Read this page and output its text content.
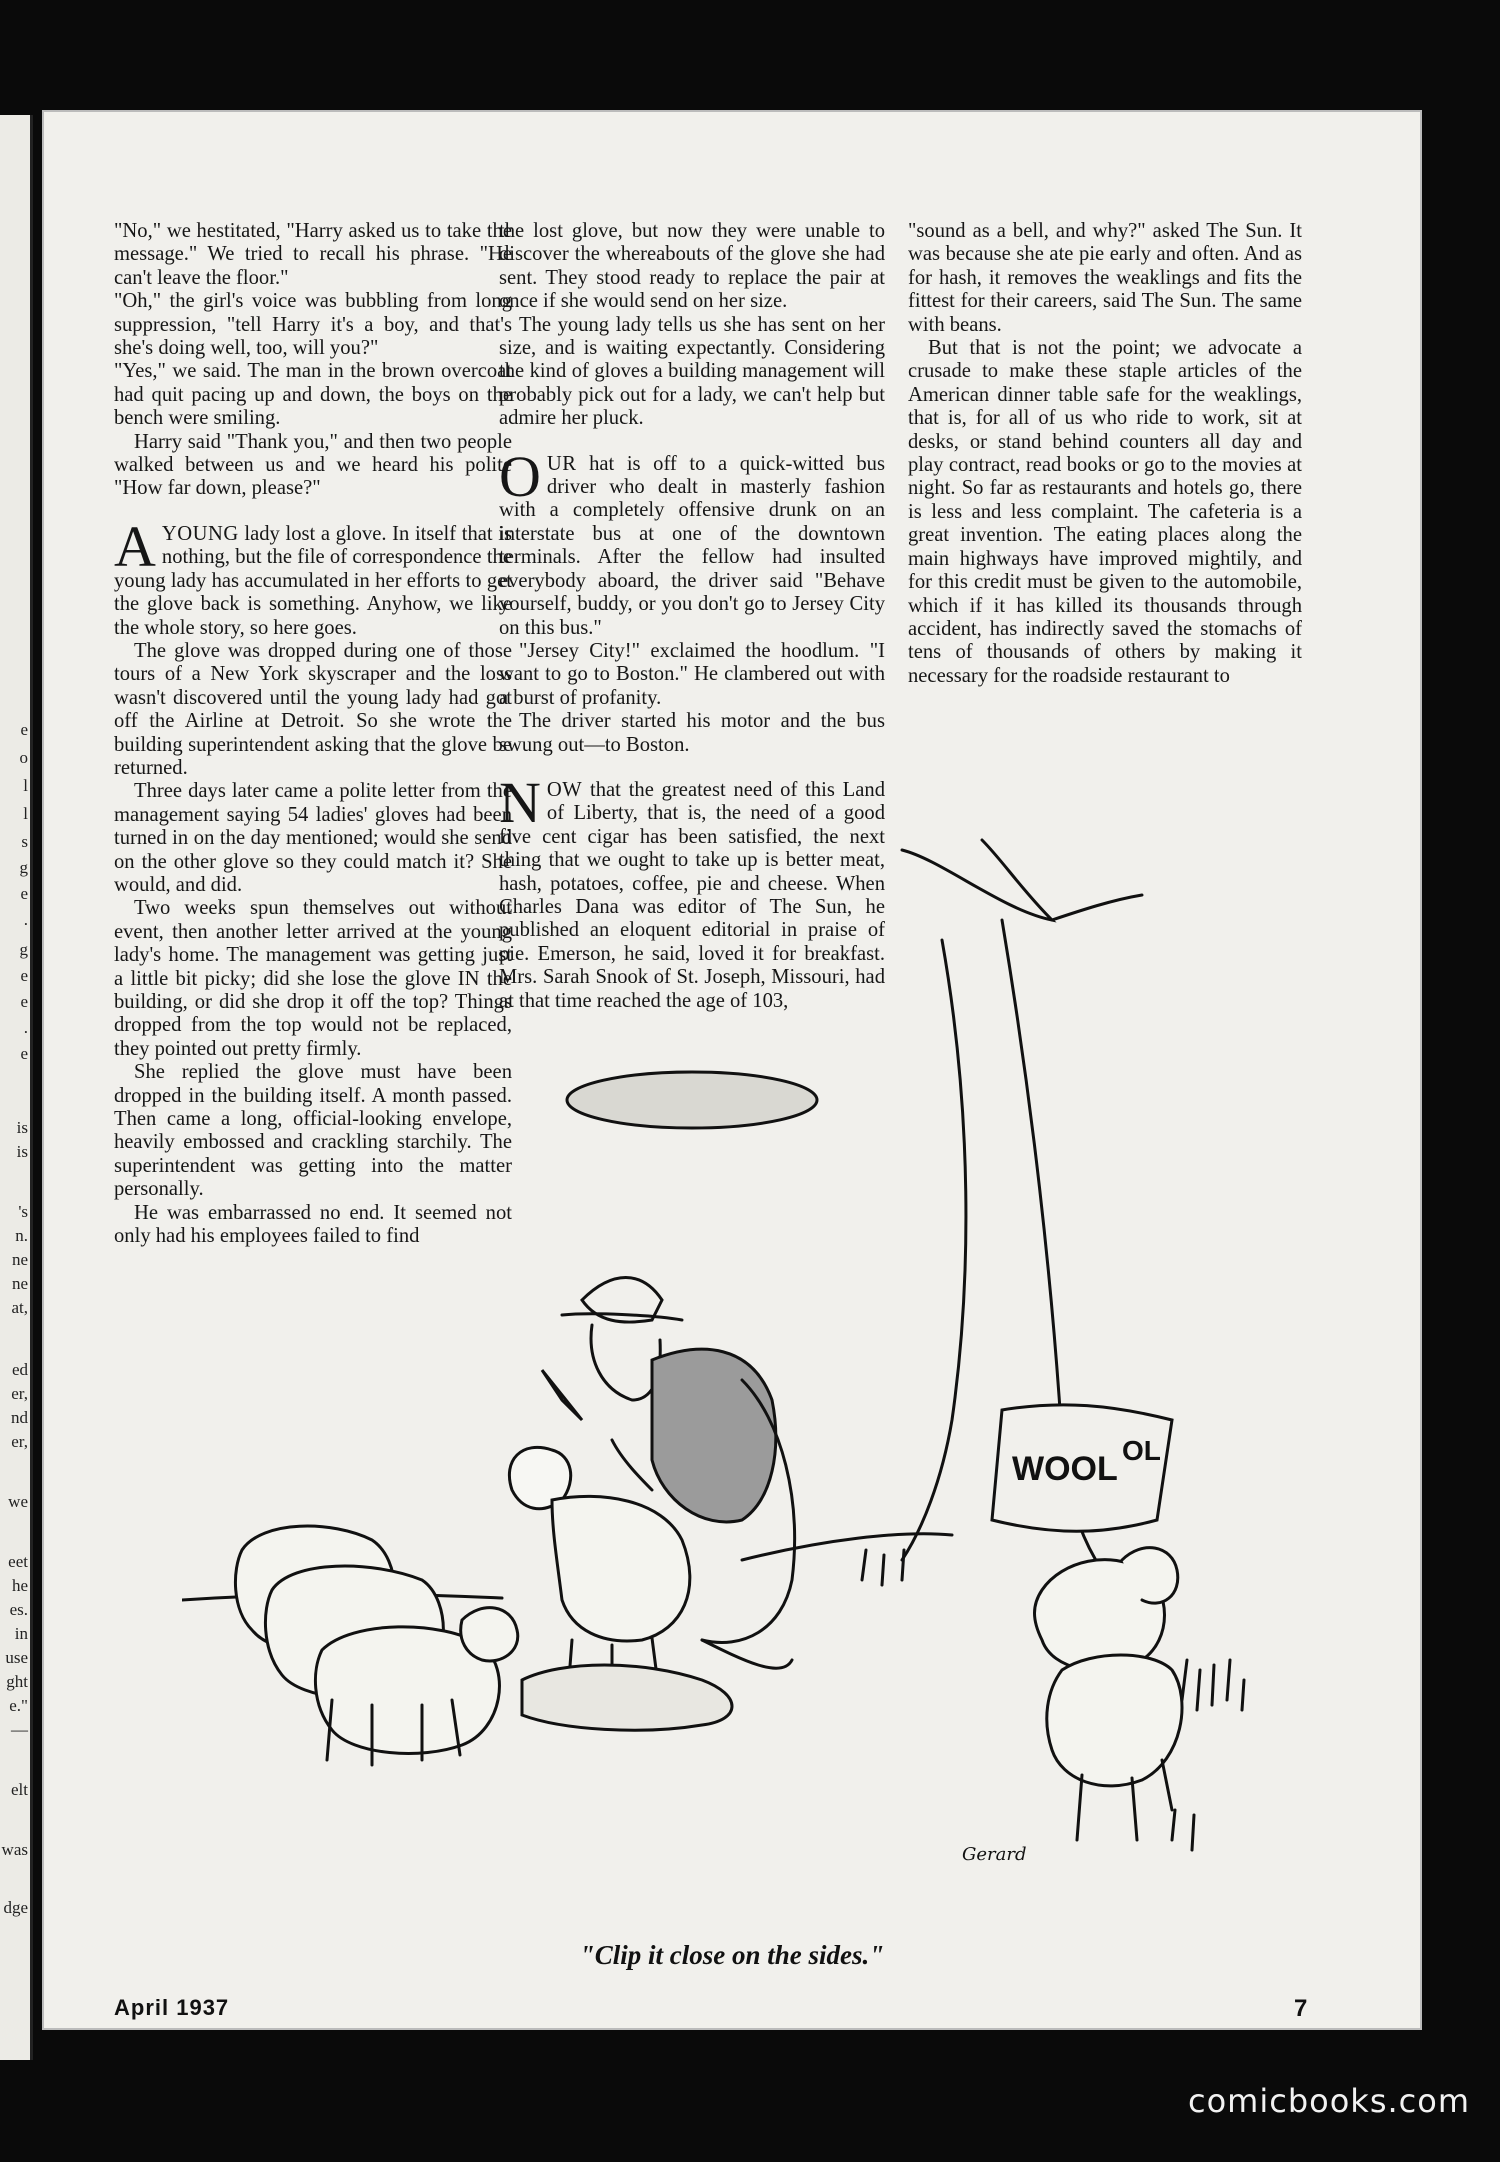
e
o
l
l
s
g
e
.
g
e
e
.
e
is
is
's
n.
ne
ne
at,
ed
er,
nd
er,
we
eet
he
es.
in
use
ght
e."
—
elt
was
dge

"No," we hestitated, "Harry asked us to take the message." We tried to recall his phrase. "He can't leave the floor."

"Oh," the girl's voice was bubbling from long suppression, "tell Harry it's a boy, and that's she's doing well, too, will you?"

"Yes," we said. The man in the brown overcoat had quit pacing up and down, the boys on the bench were smiling.

Harry said "Thank you," and then two people walked between us and we heard his polite "How far down, please?"

AYOUNG lady lost a glove. In itself that is nothing, but the file of correspondence the young lady has accumulated in her efforts to get the glove back is something. Anyhow, we like the whole story, so here goes.

The glove was dropped during one of those tours of a New York skyscraper and the loss wasn't discovered until the young lady had got off the Airline at Detroit. So she wrote the building superintendent asking that the glove be returned.

Three days later came a polite letter from the management saying 54 ladies' gloves had been turned in on the day mentioned; would she send on the other glove so they could match it? She would, and did.

Two weeks spun themselves out without event, then another letter arrived at the young lady's home. The management was getting just a little bit picky; did she lose the glove IN the building, or did she drop it off the top? Things dropped from the top would not be replaced, they pointed out pretty firmly.

She replied the glove must have been dropped in the building itself. A month passed. Then came a long, official-looking envelope, heavily embossed and crackling starchily. The superintendent was getting into the matter personally.

He was embarrassed no end. It seemed not only had his employees failed to find

the lost glove, but now they were unable to discover the whereabouts of the glove she had sent. They stood ready to replace the pair at once if she would send on her size.

The young lady tells us she has sent on her size, and is waiting expectantly. Considering the kind of gloves a building management will probably pick out for a lady, we can't help but admire her pluck.

OUR hat is off to a quick-witted bus driver who dealt in masterly fashion with a completely offensive drunk on an interstate bus at one of the downtown terminals. After the fellow had insulted everybody aboard, the driver said "Behave yourself, buddy, or you don't go to Jersey City on this bus."

"Jersey City!" exclaimed the hoodlum. "I want to go to Boston." He clambered out with a burst of profanity.

The driver started his motor and the bus swung out—to Boston.

NOW that the greatest need of this Land of Liberty, that is, the need of a good five cent cigar has been satisfied, the next thing that we ought to take up is better meat, hash, potatoes, coffee, pie and cheese. When Charles Dana was editor of The Sun, he published an eloquent editorial in praise of pie. Emerson, he said, loved it for breakfast. Mrs. Sarah Snook of St. Joseph, Missouri, had at that time reached the age of 103,

"sound as a bell, and why?" asked The Sun. It was because she ate pie early and often. And as for hash, it removes the weaklings and fits the fittest for their careers, said The Sun. The same with beans.

But that is not the point; we advocate a crusade to make these staple articles of the American dinner table safe for the weaklings, that is, for all of us who ride to work, sit at desks, or stand behind counters all day and play contract, read books or go to the movies at night. So far as restaurants and hotels go, there is less and less complaint. The cafeteria is a great invention. The eating places along the main highways have improved mightily, and for this credit must be given to the automobile, which if it has killed its thousands through accident, has indirectly saved the stomachs of tens of thousands of others by making it necessary for the roadside restaurant to

WOOL OL
Gerard
"Clip it close on the sides."
April 1937	7
comicbooks.com
